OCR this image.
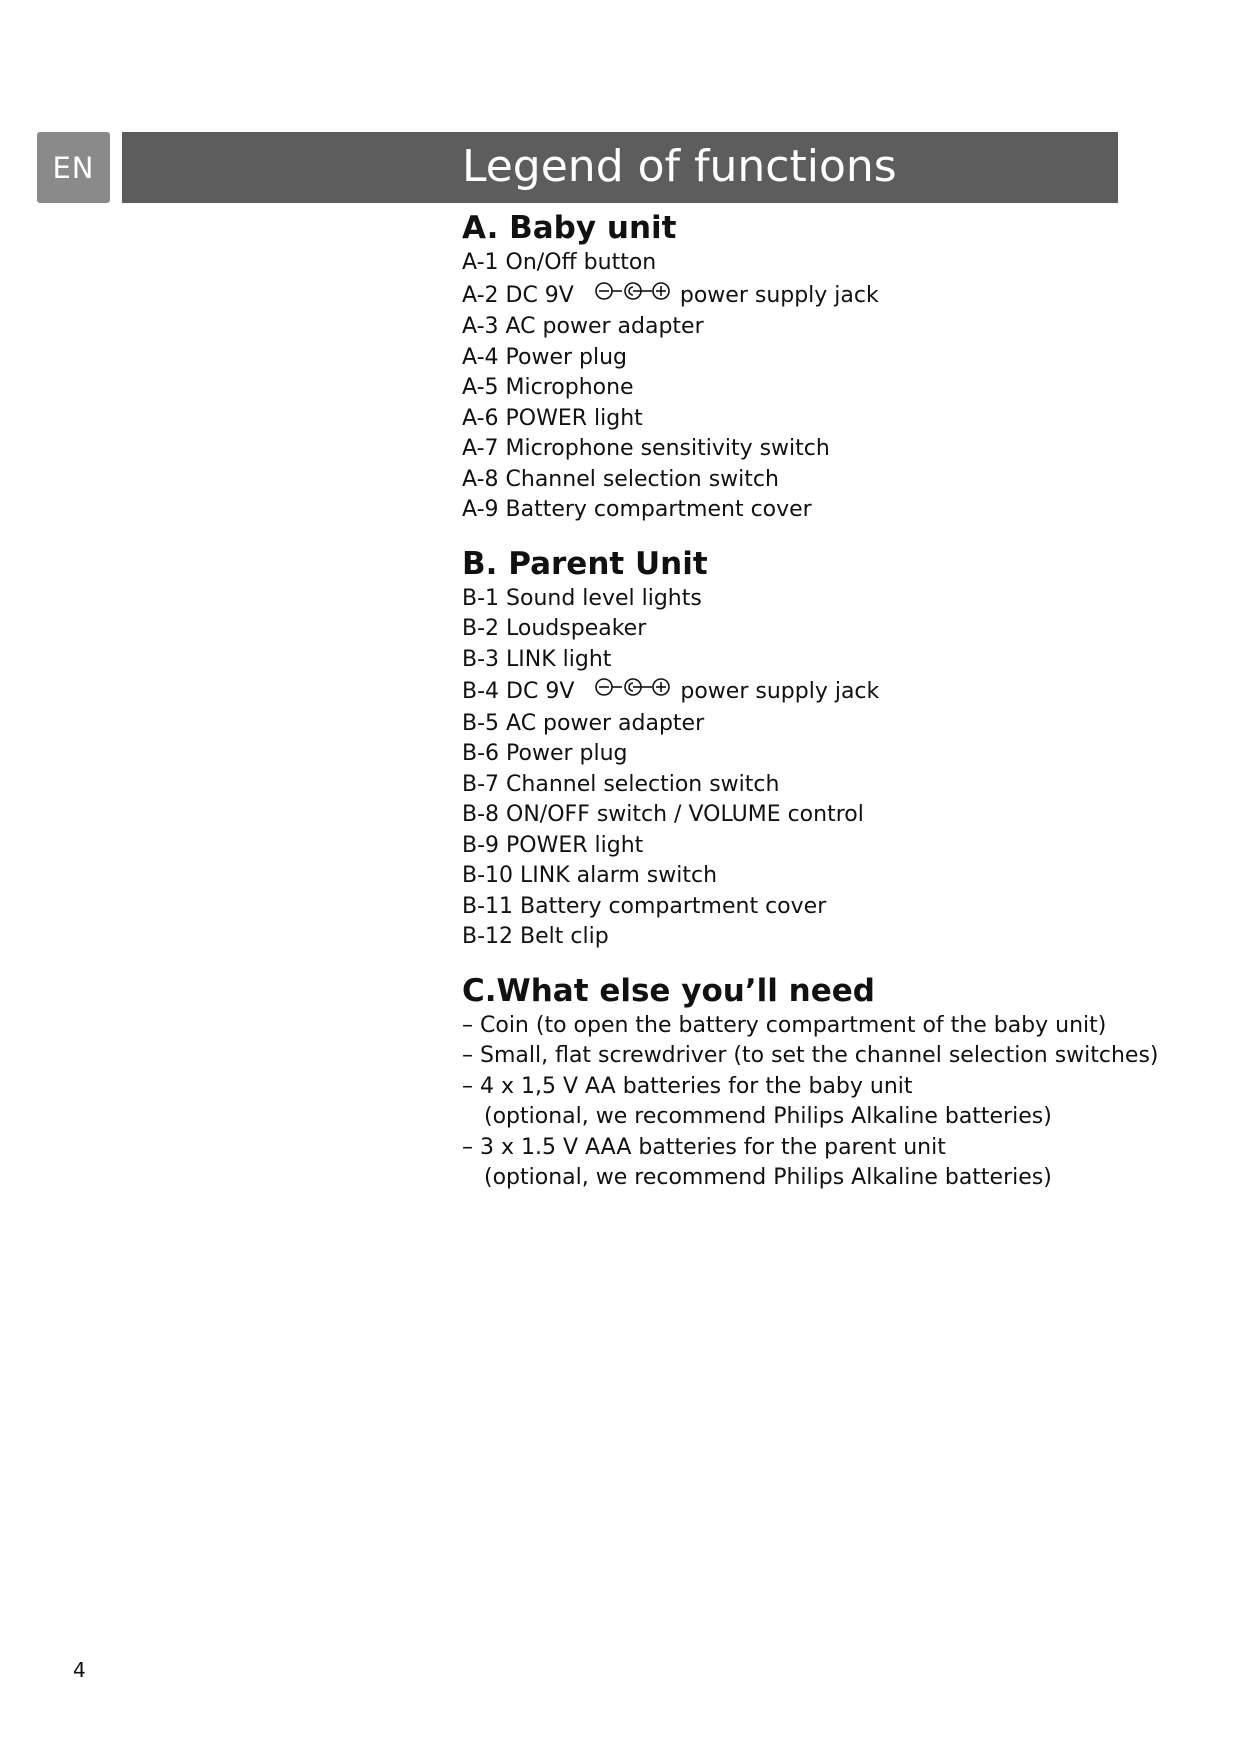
EN	Legend of functions
A. Baby unit
A-1 On/Off button
A-2 DC 9V	power supply jack
A-3 AC power adapter
A-4 Power plug
A-5 Microphone
A-6 POWER light
A-7 Microphone sensitivity switch
A-8 Channel selection switch
A-9 Battery compartment cover
B. Parent Unit
B-1 Sound level lights
B-2 Loudspeaker
B-3 LINK light
B-4 DC 9V	power supply jack
B-5 AC power adapter
B-6 Power plug
B-7 Channel selection switch
B-8 ON/OFF switch / VOLUME control
B-9 POWER light
B-10 LINK alarm switch
B-11 Battery compartment cover
B-12 Belt clip
C.What else you’ll need
– Coin (to open the battery compartment of the baby unit)
– Small, flat screwdriver (to set the channel selection switches)
– 4 x 1,5 V AA batteries for the baby unit
(optional, we recommend Philips Alkaline batteries)
– 3 x 1.5 V AAA batteries for the parent unit
(optional, we recommend Philips Alkaline batteries)
4
